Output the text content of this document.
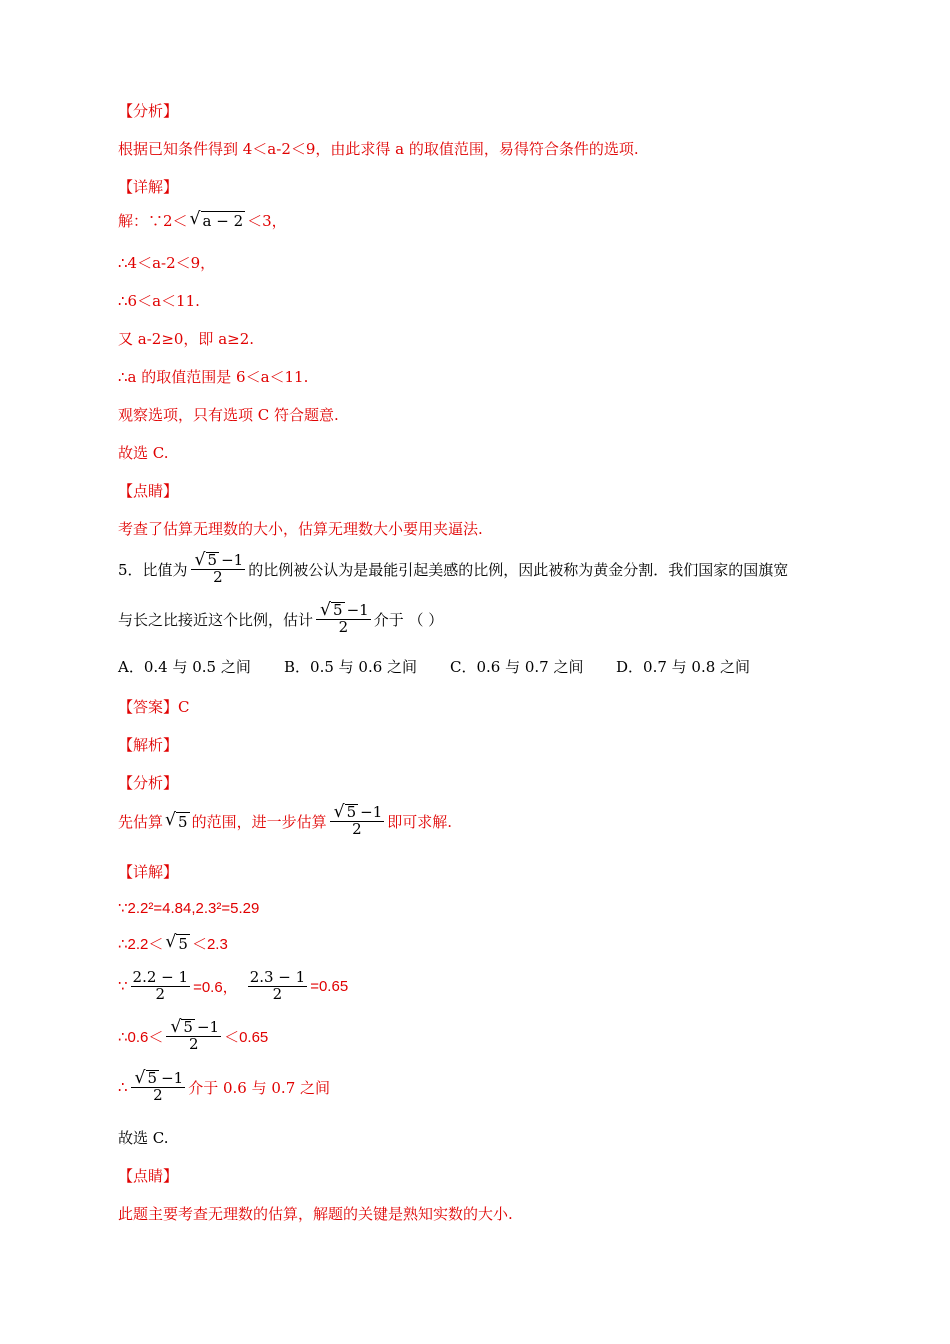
【分析】
根据已知条件得到 4＜a-2＜9，由此求得 a 的取值范围，易得符合条件的选项.
【详解】
解：∵2＜ √ a − 2 ＜3，
∴4＜a-2＜9，
∴6＜a＜11.
又 a-2≥0，即 a≥2.
∴a 的取值范围是 6＜a＜11.
观察选项，只有选项 C 符合题意.
故选 C.
【点睛】
考查了估算无理数的大小，估算无理数大小要用夹逼法.
5．比值为 $\frac{√ 5 -1}{2}$ 的比例被公认为是最能引起美感的比例，因此被称为黄金分割．我们国家的国旗宽
与长之比接近这个比例，估计 $\frac{√ 5 -1}{2}$ 介于 （ ）
A．0.4 与 0.5 之间	B．0.5 与 0.6 之间	C．0.6 与 0.7 之间	D．0.7 与 0.8 之间
【答案】C
【解析】
【分析】
先估算 √ 5 的范围，进一步估算 $\frac{√ 5 -1}{2}$ 即可求解.
【详解】
∵2.2²=4.84,2.3²=5.29
∴2.2＜ √ 5 ＜2.3
∵ $\frac{2.2 - 1}{2} =0.6$， $\frac{2.3 - 1}{2} =0.65$
∴0.6＜ $\frac{√ 5 -1}{2} <0.65$
∴ $\frac{√ 5 -1}{2}$ 介于 0.6 与 0.7 之间
故选 C.
【点睛】
此题主要考查无理数的估算，解题的关键是熟知实数的大小.
